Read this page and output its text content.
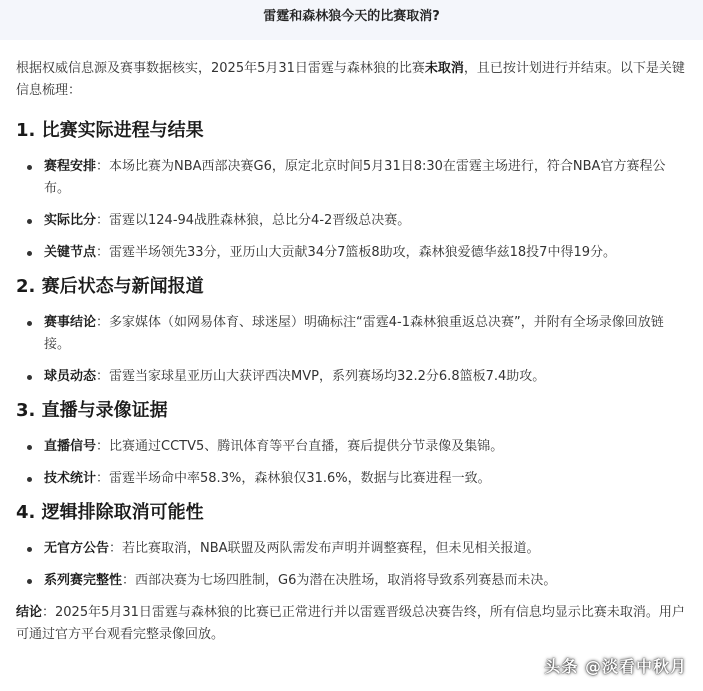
雷霆和森林狼今天的比赛取消?

根据权威信息源及赛事数据核实，2025年5月31日雷霆与森林狼的比赛未取消，且已按计划进行并结束。以下是关键信息梳理：

1. 比赛实际进程与结果
赛程安排：本场比赛为NBA西部决赛G6，原定北京时间5月31日8:30在雷霆主场进行，符合NBA官方赛程公布。
实际比分：雷霆以124-94战胜森林狼，总比分4-2晋级总决赛。
关键节点：雷霆半场领先33分，亚历山大贡献34分7篮板8助攻，森林狼爱德华兹18投7中得19分。
2. 赛后状态与新闻报道
赛事结论：多家媒体（如网易体育、球迷屋）明确标注“雷霆4-1森林狼重返总决赛”，并附有全场录像回放链接。
球员动态：雷霆当家球星亚历山大获评西决MVP，系列赛场均32.2分6.8篮板7.4助攻。
3. 直播与录像证据
直播信号：比赛通过CCTV5、腾讯体育等平台直播，赛后提供分节录像及集锦。
技术统计：雷霆半场命中率58.3%，森林狼仅31.6%，数据与比赛进程一致。
4. 逻辑排除取消可能性
无官方公告：若比赛取消，NBA联盟及两队需发布声明并调整赛程，但未见相关报道。
系列赛完整性：西部决赛为七场四胜制，G6为潜在决胜场，取消将导致系列赛悬而未决。

结论：2025年5月31日雷霆与森林狼的比赛已正常进行并以雷霆晋级总决赛告终，所有信息均显示比赛未取消。用户可通过官方平台观看完整录像回放。

头条 @淡看中秋月
